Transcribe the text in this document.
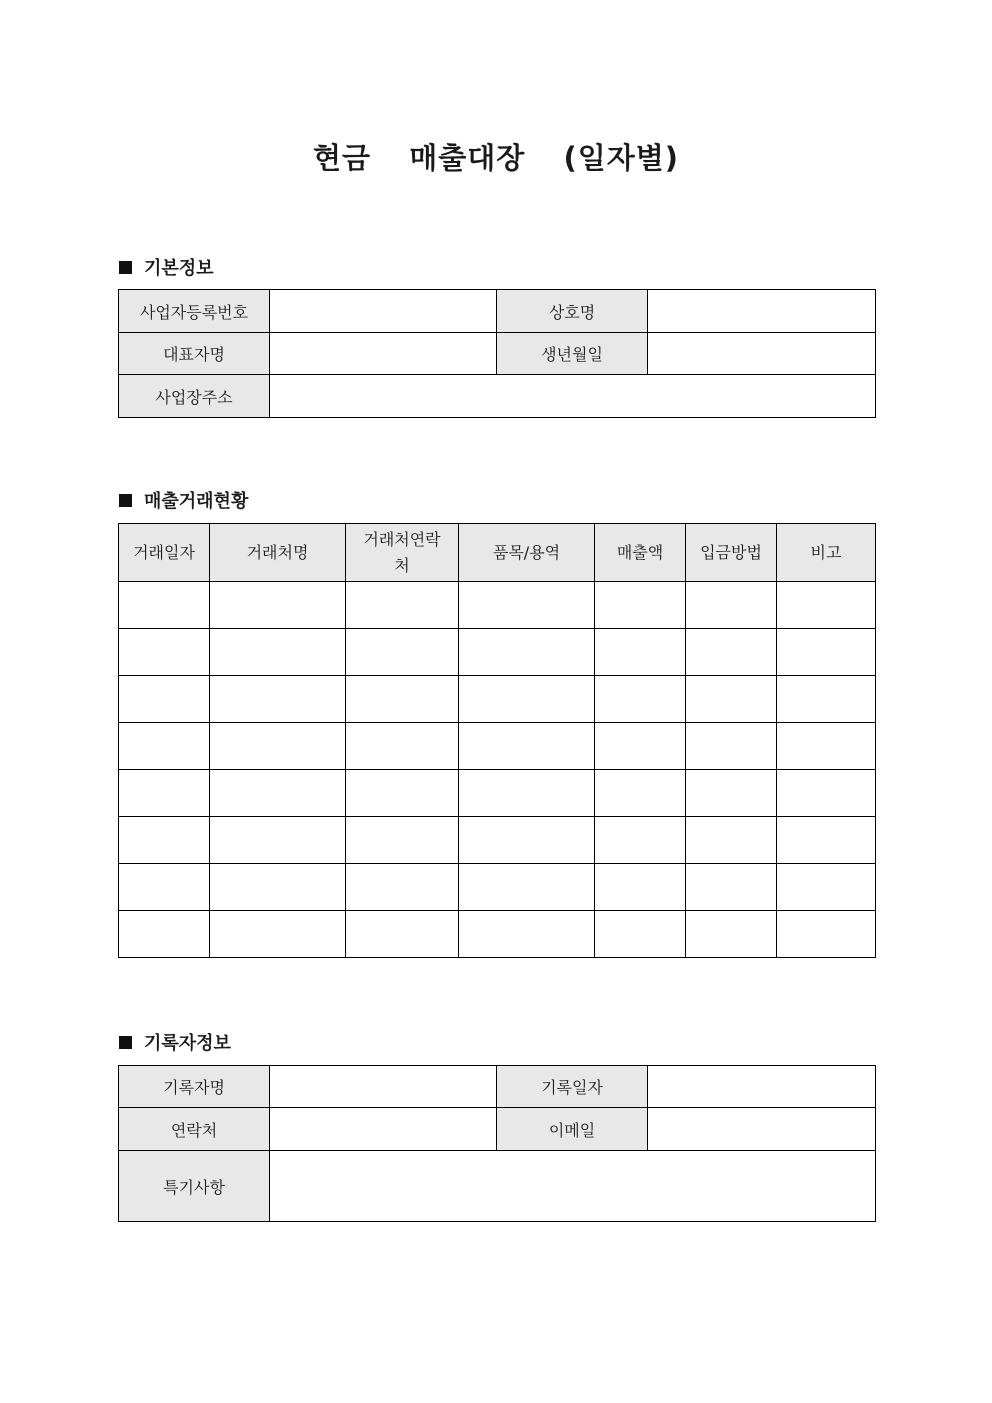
현금  매출대장  (일자별)
기본정보
사업자등록번호		상호명	
대표자명		생년월일	
사업장주소			
매출거래현황
거래일자	거래처명	거래처연락처	품목/용역	매출액	입금방법	비고

기록자정보
기록자명		기록일자	
연락처		이메일	
특기사항			
